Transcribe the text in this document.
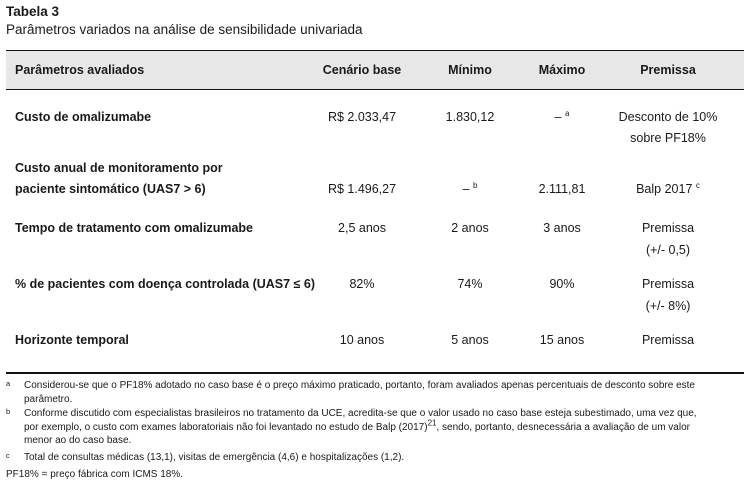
Tabela 3
Parâmetros variados na análise de sensibilidade univariada
Parâmetros avaliados	Cenário base	Mínimo	Máximo	Premissa
Custo de omalizumabe	R$ 2.033,47	1.830,12	– $^a$	Desconto de 10%
sobre PF18%
Custo anual de monitoramento por
paciente sintomático (UAS7 > 6)	R$ 1.496,27	– $^b$	2.111,81	Balp 2017 $^c$
Tempo de tratamento com omalizumabe	2,5 anos	2 anos	3 anos	Premissa
(+/- 0,5)
% de pacientes com doença controlada (UAS7 ≤ 6)	82%	74%	90%	Premissa
(+/- 8%)
Horizonte temporal	10 anos	5 anos	15 anos	Premissa
a Considerou-se que o PF18% adotado no caso base é o preço máximo praticado, portanto, foram avaliados apenas percentuais de desconto sobre este
parâmetro.
b Conforme discutido com especialistas brasileiros no tratamento da UCE, acredita-se que o valor usado no caso base esteja subestimado, uma vez que,
por exemplo, o custo com exames laboratoriais não foi levantado no estudo de Balp $(2017)^{21}$, sendo, portanto, desnecessária a avaliação de um valor
menor ao do caso base.
c Total de consultas médicas (13,1), visitas de emergência (4,6) e hospitalizações (1,2).
PF18% = preço fábrica com ICMS 18%.
